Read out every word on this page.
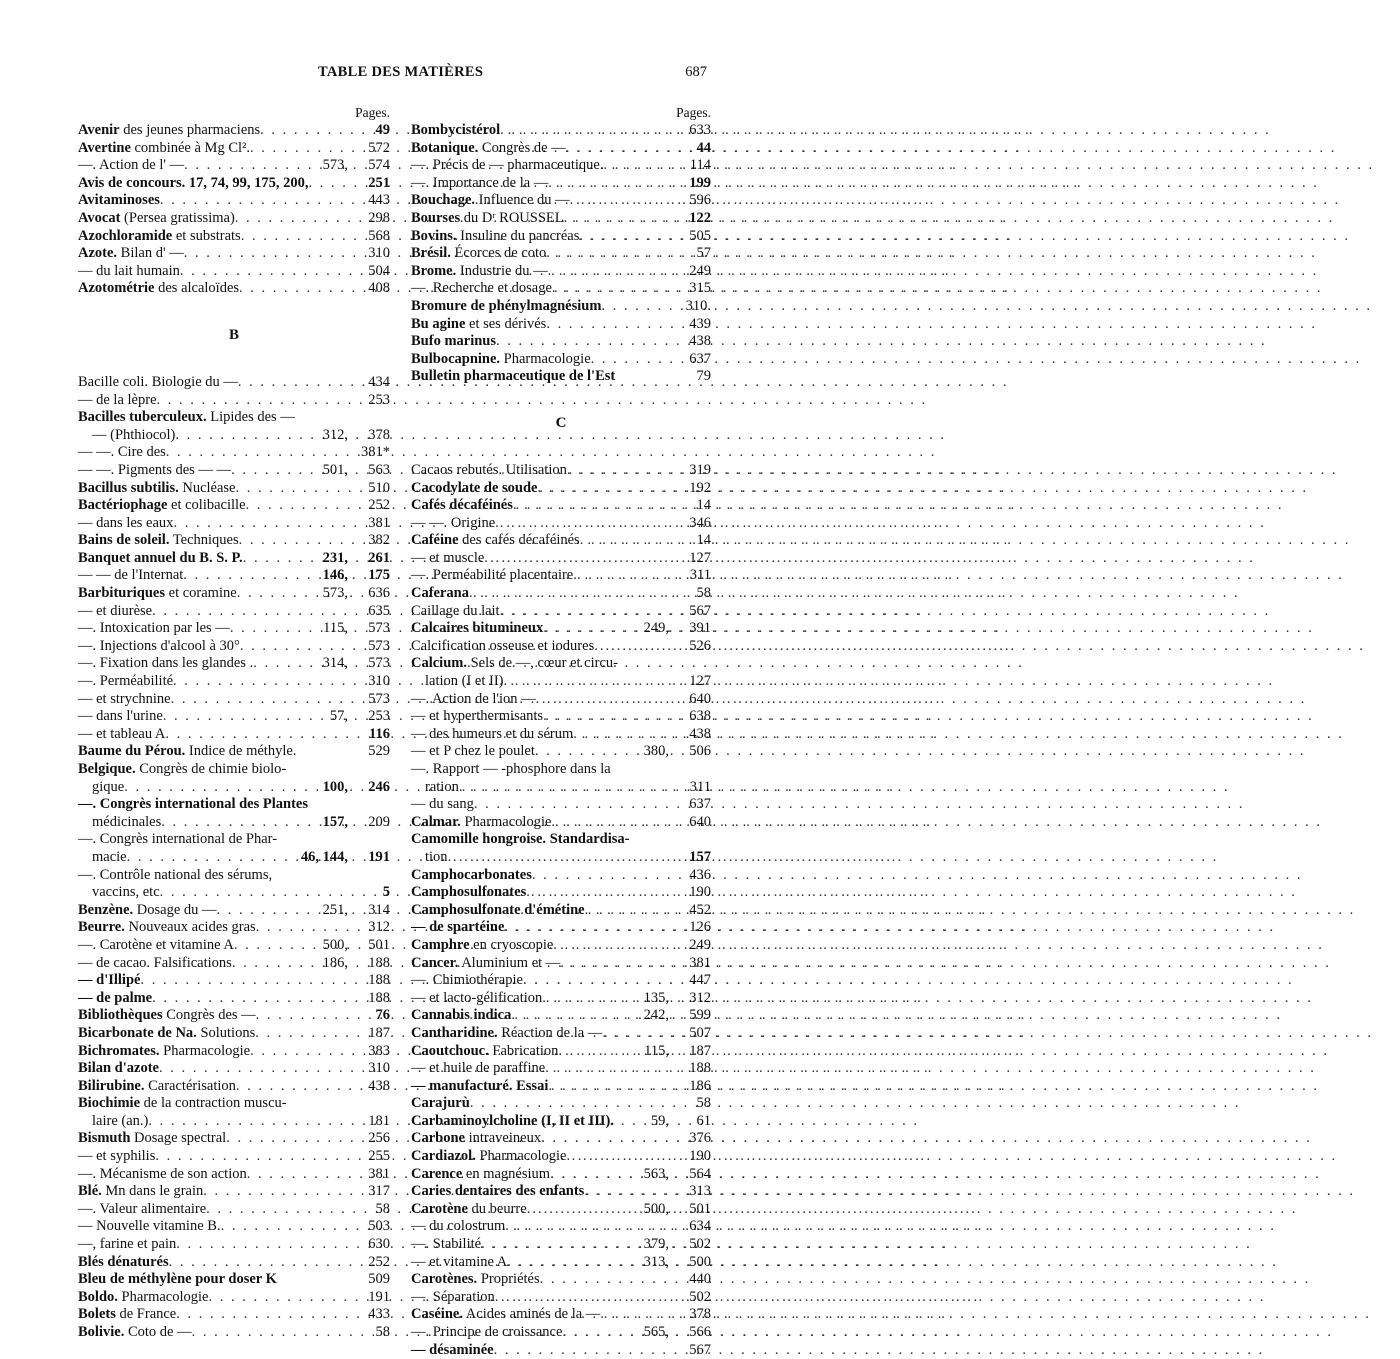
TABLE DES MATIÈRES	687
Pages.
Avenir des jeunes pharmaciens . . .	49
Avertine combinée à Mg Cl². . . .	572
—. Action de l' — . . .	573,	574
Avis de concours. 17, 74, 99, 175, 200, . . .	251
Avitaminoses . . .	443
Avocat (Persea gratissima) . . .	298
Azochloramide et substrats . . .	568
Azote. Bilan d' — . . .	310
— du lait humain . . .	504
Azotométrie des alcaloïdes . . .	408
B
Bacille coli. Biologie du — . . .	434
— de la lèpre . . .	253
Bacilles tuberculeux. Lipides des —
— (Phthiocol) . . .	312,	378
— —. Cire des . . .	381*
— —. Pigments des — — . . .	501,	563
Bacillus subtilis. Nucléase . . .	510
Bactériophage et colibacille . . .	252
— dans les eaux . . .	381
Bains de soleil. Techniques . . .	382
Banquet annuel du B. S. P. . . .	231,	261
— — de l'Internat . . .	146,	175
Barbituriques et coramine . . .	573,	636
— et diurèse . . .	635
—. Intoxication par les — . . .	115,	573
—. Injections d'alcool à 30° . . .	573
—. Fixation dans les glandes . . . .	314,	573
—. Perméabilité . . .	310
— et strychnine . . .	573
— dans l'urine . . .	57,	253
— et tableau A . . .	116
Baume du Pérou. Indice de méthyle.	529
Belgique. Congrès de chimie biolo-
gique . . .	100,	246
—. Congrès international des Plantes
médicinales . . .	157,	209
—. Congrès international de Phar-
macie . . .	46, 144,	191
—. Contrôle national des sérums,
vaccins, etc . . .	5
Benzène. Dosage du — . . .	251,	314
Beurre. Nouveaux acides gras . . .	312
—. Carotène et vitamine A . . .	500,	501
— de cacao. Falsifications . . .	186,	188
— d'Illipé . . .	188
— de palme . . .	188
Bibliothèques Congrès des — . . .	76
Bicarbonate de Na. Solutions . . .	187
Bichromates. Pharmacologie . . .	383
Bilan d'azote . . .	310
Bilirubine. Caractérisation . . .	438
Biochimie de la contraction muscu-
laire (an.) . . .	181
Bismuth Dosage spectral . . .	256
— et syphilis . . .	255
—. Mécanisme de son action . . .	381
Blé. Mn dans le grain . . .	317
—. Valeur alimentaire . . .	58
— Nouvelle vitamine B. . . .	503
—, farine et pain . . .	630
Blés dénaturés . . .	252
Bleu de méthylène pour doser K	509
Boldo. Pharmacologie . . .	191
Bolets de France . . .	433
Bolivie. Coto de — . . .	58
Pages.
Bombycistérol . . .	633
Botanique. Congrès de — . . .	44
—. Précis de — pharmaceutique. . . .	114
—. Importance de la — . . .	199
Bouchage. Influence du — . . .	596
Bourses du Dʳ ROUSSEL . . .	122
Bovins. Insuline du pancréas . . .	505
Brésil. Écorces de coto . . .	57
Brome. Industrie du — . . .	249
—. Recherche et dosage . . .	315
Bromure de phénylmagnésium . . .	310.
Bu agine et ses dérivés . . .	439
Bufo marinus . . .	438
Bulbocapnine. Pharmacologie . . .	637
Bulletin pharmaceutique de l'Est	79
C
Cacaos rebutés. Utilisation . . .	319
Cacodylate de soude . . .	192
Cafés décaféinés . . .	14
— —. Origine . . .	346
Caféine des cafés décaféinés . . .	14
— et muscle . . .	127
—. Perméabilité placentaire . . .	311
Caferana . . .	58
Caillage du lait . . .	567
Calcaires bitumineux . . .	249,	391
Calcification osseuse et iodures . . .	526
Calcium. Sels de —, cœur et circu-
lation (I et II) . . .	127
—. Action de l'ion — . . .	640
— et hyperthermisants . . .	638
— des humeurs et du sérum . . .	438
— et P chez le poulet . . .	380,	506
—. Rapport — -phosphore dans la
ration . . .	311
— du sang . . .	637
Calmar. Pharmacologie . . .	640
Camomille hongroise. Standardisa-
tion . . .	157
Camphocarbonates . . .	436
Camphosulfonates . . .	190
Camphosulfonate d'émétine . . .	452
— de spartéine . . .	126
Camphre en cryoscopie . . .	249
Cancer. Aluminium et — . . .	381
—. Chimiothérapie . . .	447
— et lacto-gélification . . .	135,	312
Cannabis indica . . .	242,	599
Cantharidine. Réaction de la — . . .	507
Caoutchouc. Fabrication . . .	115,	187
— et huile de paraffine . . .	188
— manufacturé. Essai . . .	186
Carajurù . . .	58
Carbaminoylcholine (I, II et III).	59,	61
Carbone intraveineux . . .	376
Cardiazol. Pharmacologie . . .	190
Carence en magnésium . . .	563,	564
Caries dentaires des enfants . . .	313
Carotène du beurre . . .	500,	501
— du colostrum . . .	634
—. Stabilité . . .	379,	502
— et vitamine A . . .	313,	500
Carotènes. Propriétés . . .	440
—. Séparation . . .	502
Caséine. Acides aminés de la — . . .	378
—. Principe de croissance . . .	565,	566
— désaminée . . .	567
